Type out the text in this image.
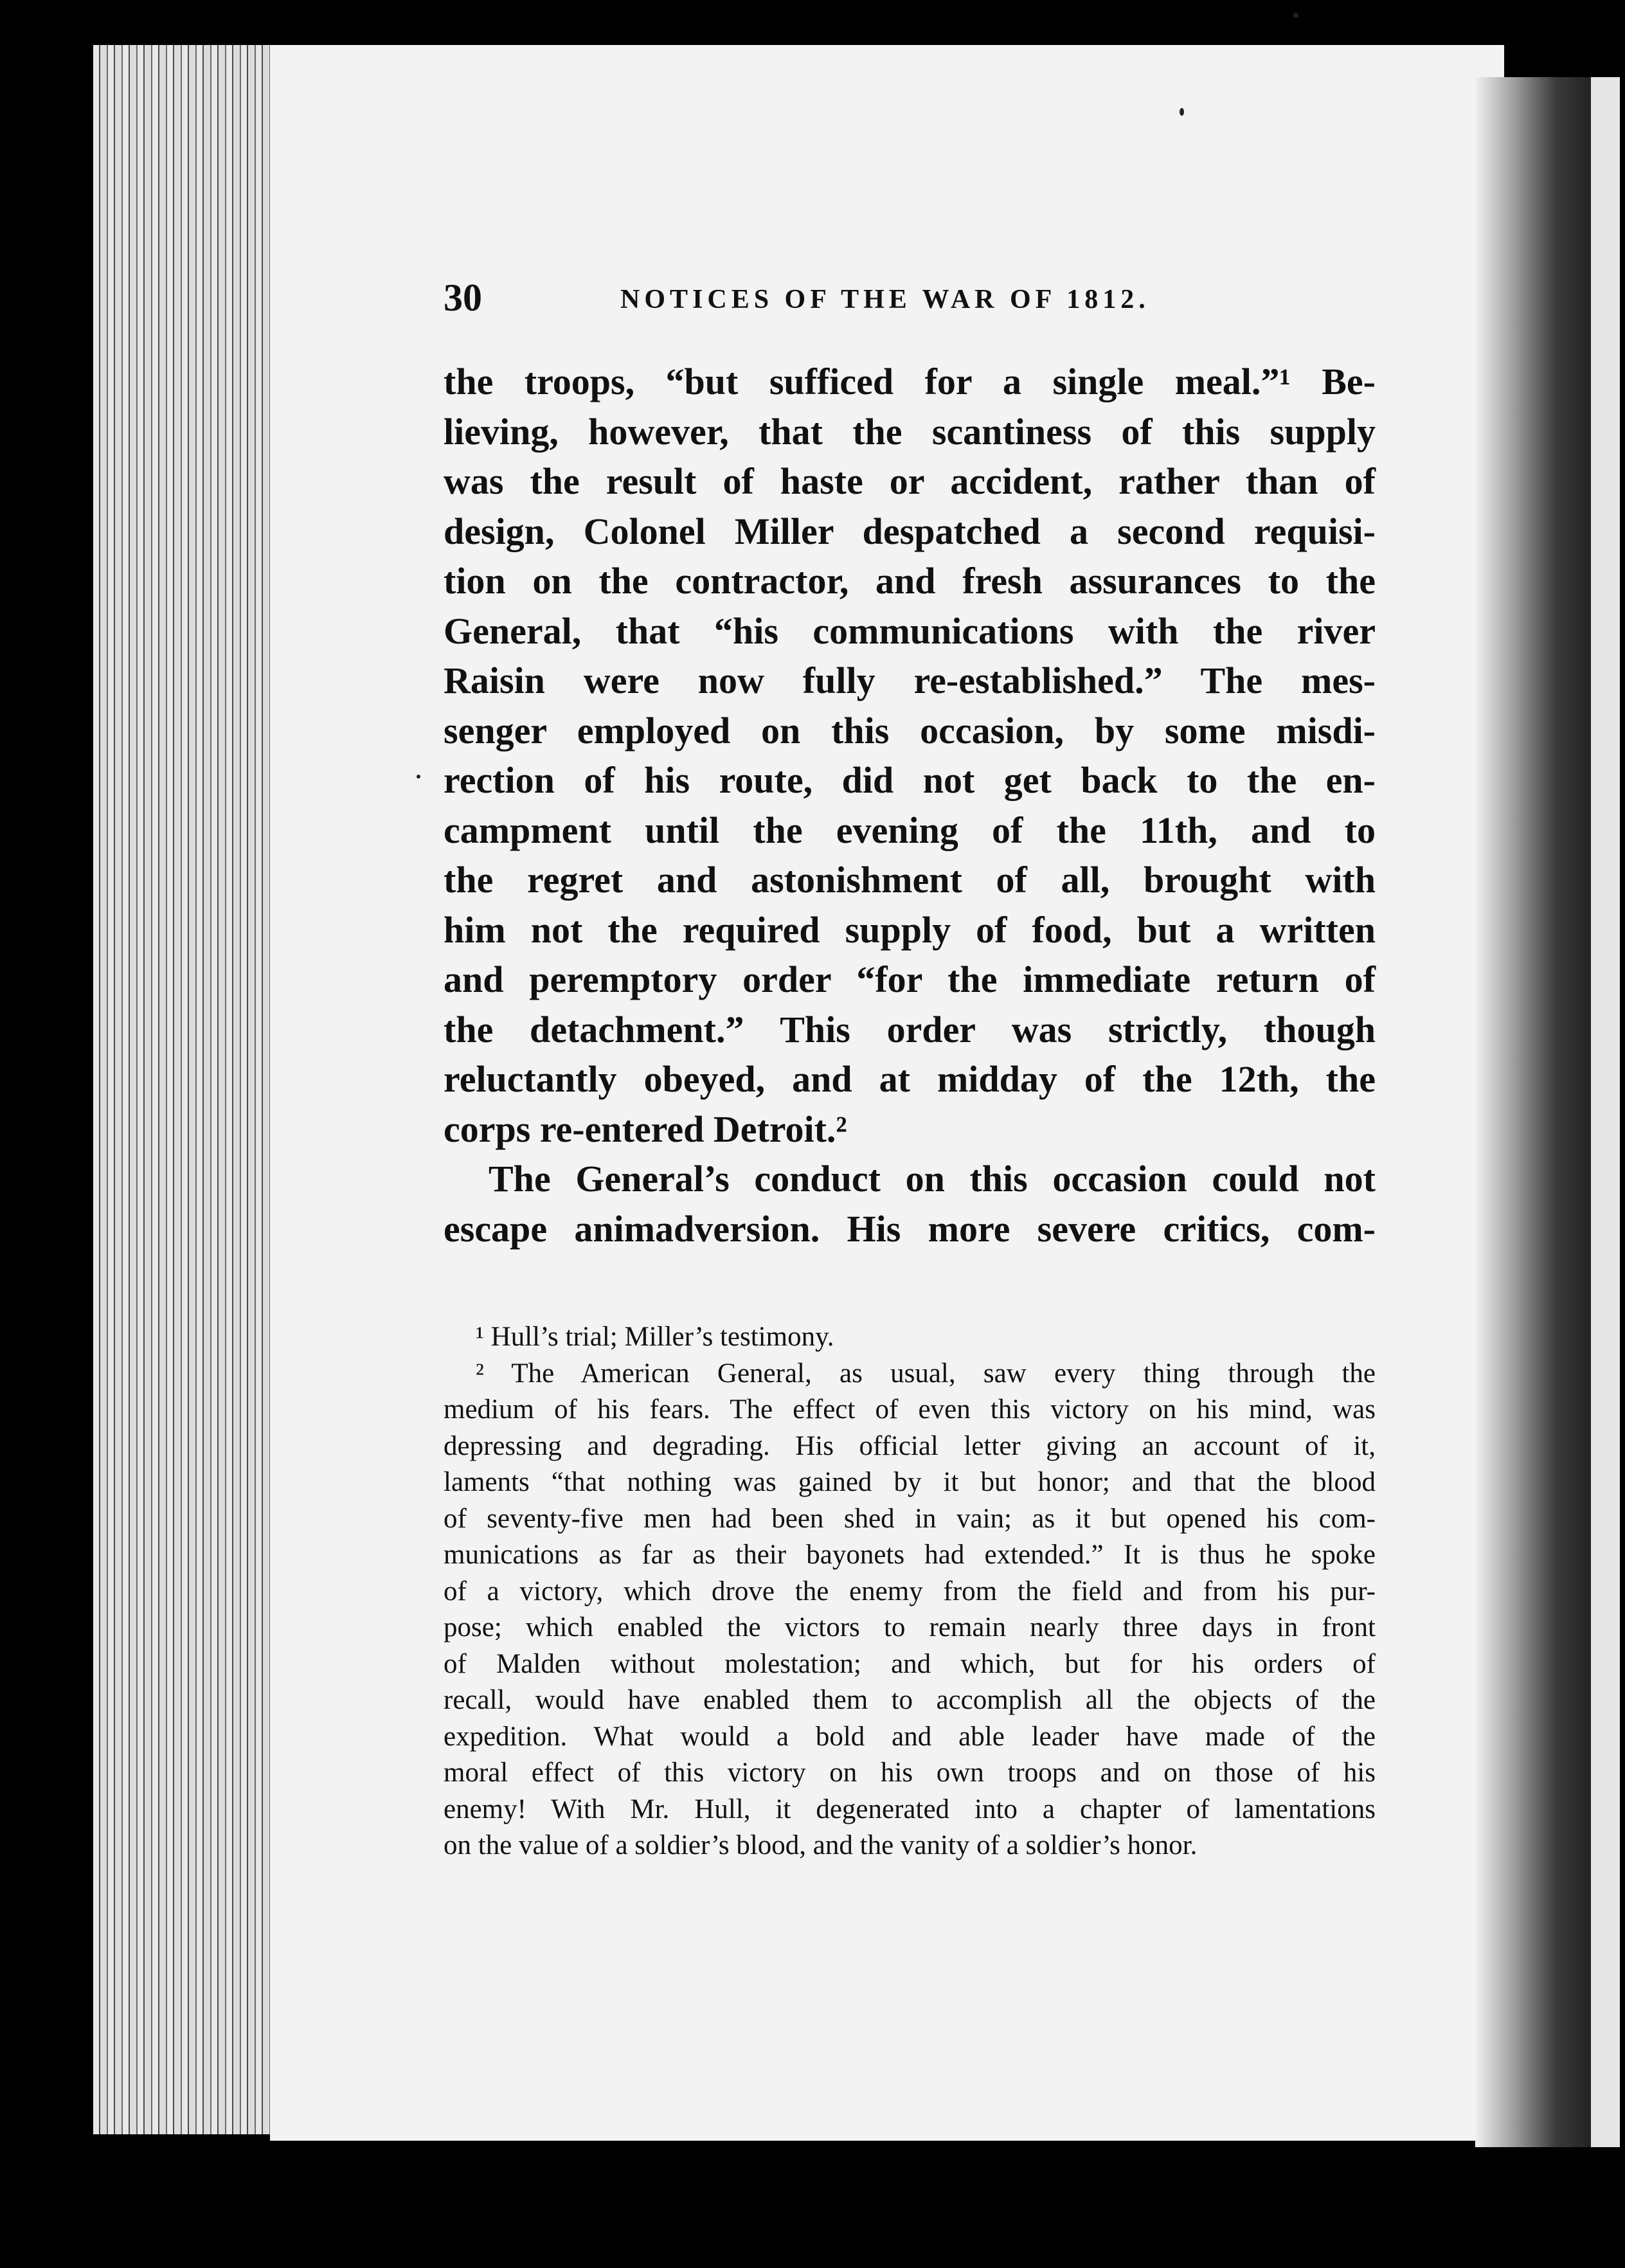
30	NOTICES OF THE WAR OF 1812.
the troops, “but sufficed for a single meal.”¹ Be-
lieving, however, that the scantiness of this supply
was the result of haste or accident, rather than of
design, Colonel Miller despatched a second requisi-
tion on the contractor, and fresh assurances to the
General, that “his communications with the river
Raisin were now fully re-established.” The mes-
senger employed on this occasion, by some misdi-
rection of his route, did not get back to the en-
campment until the evening of the 11th, and to
the regret and astonishment of all, brought with
him not the required supply of food, but a written
and peremptory order “for the immediate return of
the detachment.” This order was strictly, though
reluctantly obeyed, and at midday of the 12th, the
corps re-entered Detroit.²
The General’s conduct on this occasion could not
escape animadversion. His more severe critics, com-
¹ Hull’s trial; Miller’s testimony.
² The American General, as usual, saw every thing through the
medium of his fears. The effect of even this victory on his mind, was
depressing and degrading. His official letter giving an account of it,
laments “that nothing was gained by it but honor; and that the blood
of seventy-five men had been shed in vain; as it but opened his com-
munications as far as their bayonets had extended.” It is thus he spoke
of a victory, which drove the enemy from the field and from his pur-
pose; which enabled the victors to remain nearly three days in front
of Malden without molestation; and which, but for his orders of
recall, would have enabled them to accomplish all the objects of the
expedition. What would a bold and able leader have made of the
moral effect of this victory on his own troops and on those of his
enemy! With Mr. Hull, it degenerated into a chapter of lamentations
on the value of a soldier’s blood, and the vanity of a soldier’s honor.
